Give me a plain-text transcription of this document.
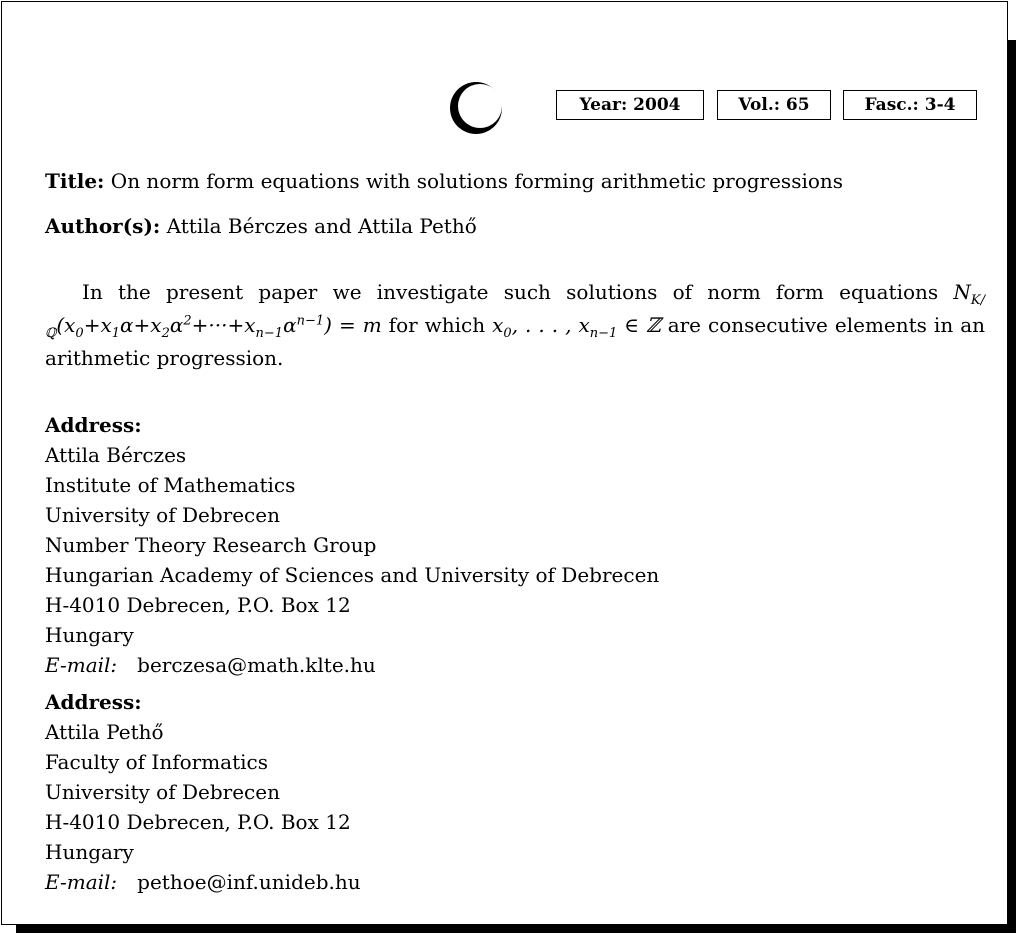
Year: 2004	Vol.: 65	Fasc.: 3-4
Title: On norm form equations with solutions forming arithmetic progressions
Author(s): Attila Bérczes and Attila Pethő

In the present paper we investigate such solutions of norm form equations $N_{K/ℚ}(x_0+x_1\alpha+x_2\alpha^2+\cdot\cdot\cdot+x_{n-1}\alpha^{n-1}) = m$ for which $x_0$, . . . , $x_{n-1}$ ∈ ℤ are consecutive elements in an arithmetic progression.

Address:
Attila Bérczes
Institute of Mathematics
University of Debrecen
Number Theory Research Group
Hungarian Academy of Sciences and University of Debrecen
H-4010 Debrecen, P.O. Box 12
Hungary
E-mail: berczesa@math.klte.hu
Address:
Attila Pethő
Faculty of Informatics
University of Debrecen
H-4010 Debrecen, P.O. Box 12
Hungary
E-mail: pethoe@inf.unideb.hu
